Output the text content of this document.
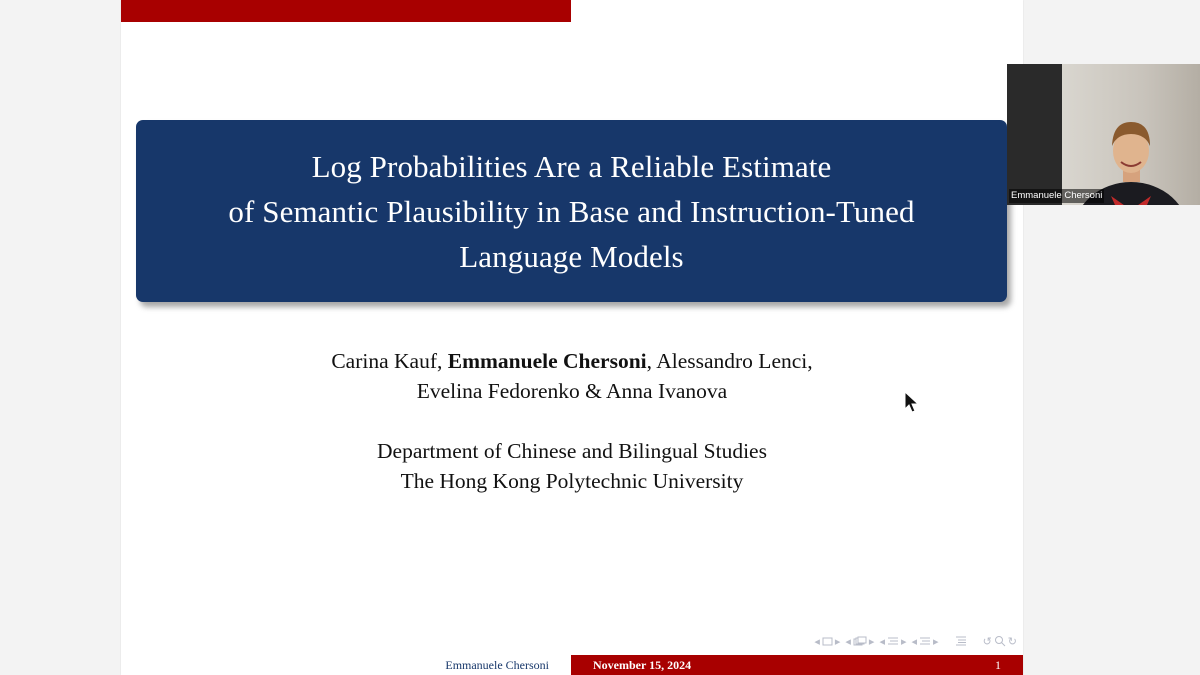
Log Probabilities Are a Reliable Estimate
of Semantic Plausibility in Base and Instruction-Tuned
Language Models
Carina Kauf, Emmanuele Chersoni, Alessandro Lenci,
Evelina Fedorenko & Anna Ivanova
Department of Chinese and Bilingual Studies
The Hong Kong Polytechnic University
◂ ▸ ◂ ▸ ◂ ▸ ◂ ▸	↺ ↻
Emmanuele Chersoni	November 15, 2024	1
Emmanuele Chersoni
